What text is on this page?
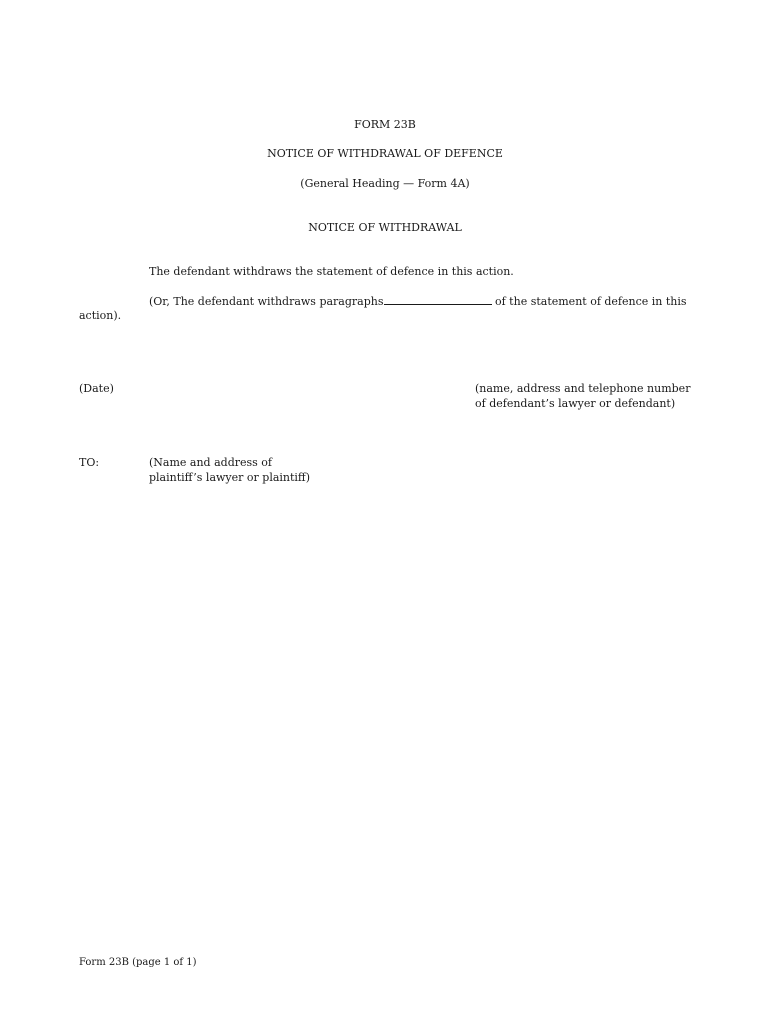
FORM 23B
NOTICE OF WITHDRAWAL OF DEFENCE
(General Heading — Form 4A)
NOTICE OF WITHDRAWAL
The defendant withdraws the statement of defence in this action.
(Or, The defendant withdraws paragraphs	of the statement of defence in this
action).
(Date)	(name, address and telephone number
of defendant’s lawyer or defendant)
TO:	(Name and address of
plaintiff’s lawyer or plaintiff)
Form 23B (page 1 of 1)
